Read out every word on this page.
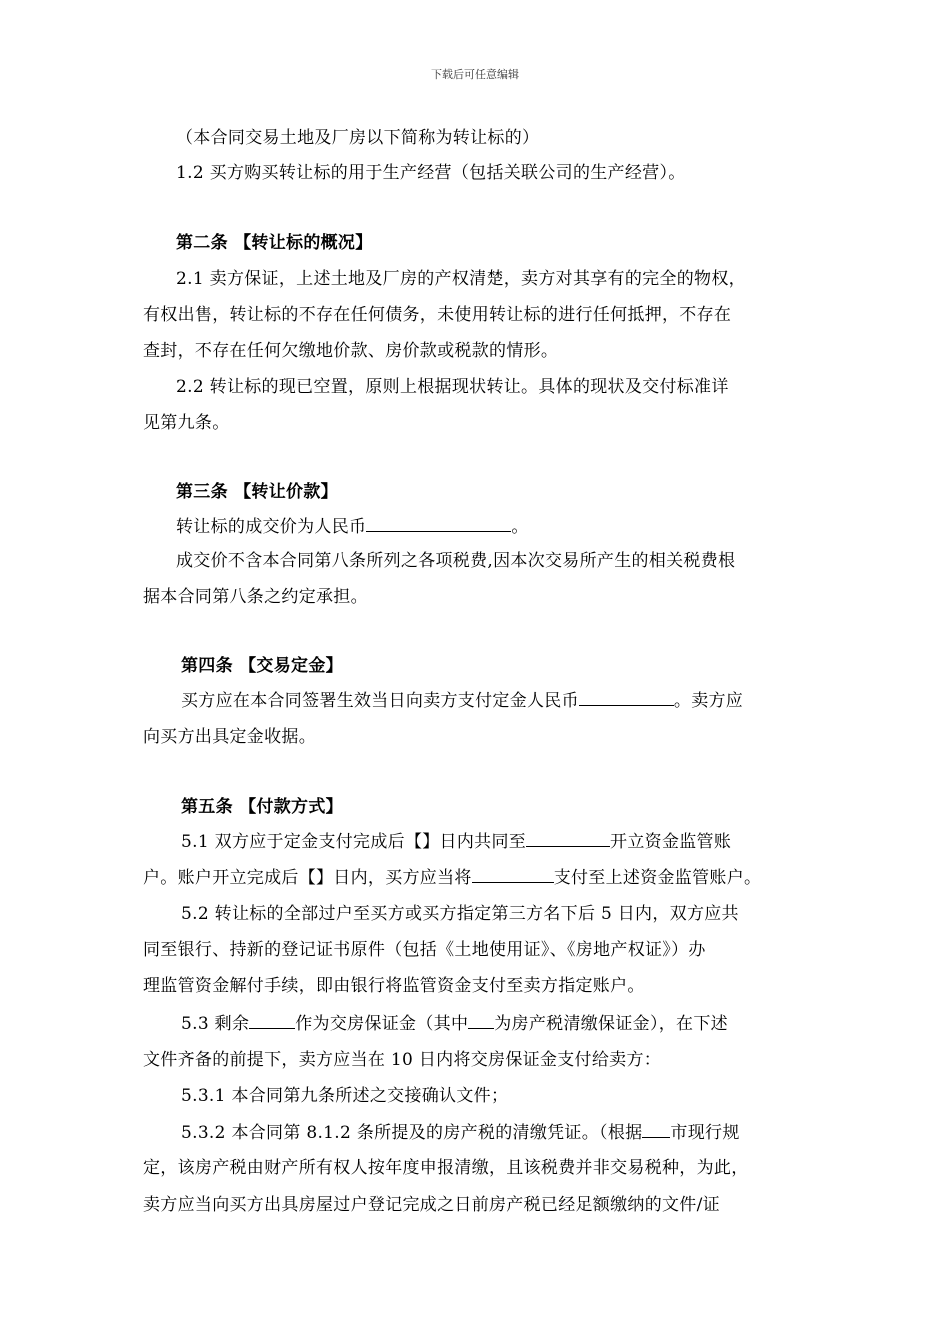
下载后可任意编辑
（本合同交易土地及厂房以下简称为转让标的）
1.2 买方购买转让标的用于生产经营（包括关联公司的生产经营）。
第二条 【转让标的概况】
2.1 卖方保证，上述土地及厂房的产权清楚，卖方对其享有的完全的物权，
有权出售，转让标的不存在任何债务，未使用转让标的进行任何抵押，不存在
查封，不存在任何欠缴地价款、房价款或税款的情形。
2.2 转让标的现已空置，原则上根据现状转让。具体的现状及交付标准详
见第九条。
第三条 【转让价款】
转让标的成交价为人民币	。
成交价不含本合同第八条所列之各项税费,因本次交易所产生的相关税费根
据本合同第八条之约定承担。
第四条 【交易定金】
买方应在本合同签署生效当日向卖方支付定金人民币	。卖方应
向买方出具定金收据。
第五条 【付款方式】
5.1 双方应于定金支付完成后【】日内共同至	开立资金监管账
户。账户开立完成后【】日内，买方应当将	支付至上述资金监管账户。
5.2 转让标的全部过户至买方或买方指定第三方名下后 5 日内，双方应共
同至银行、持新的登记证书原件（包括《土地使用证》、《房地产权证》）办
理监管资金解付手续，即由银行将监管资金支付至卖方指定账户。
5.3 剩余	作为交房保证金（其中 为房产税清缴保证金），在下述
文件齐备的前提下，卖方应当在 10 日内将交房保证金支付给卖方：
5.3.1 本合同第九条所述之交接确认文件；
5.3.2 本合同第 8.1.2 条所提及的房产税的清缴凭证。（根据 市现行规
定，该房产税由财产所有权人按年度申报清缴，且该税费并非交易税种，为此，
卖方应当向买方出具房屋过户登记完成之日前房产税已经足额缴纳的文件/证
